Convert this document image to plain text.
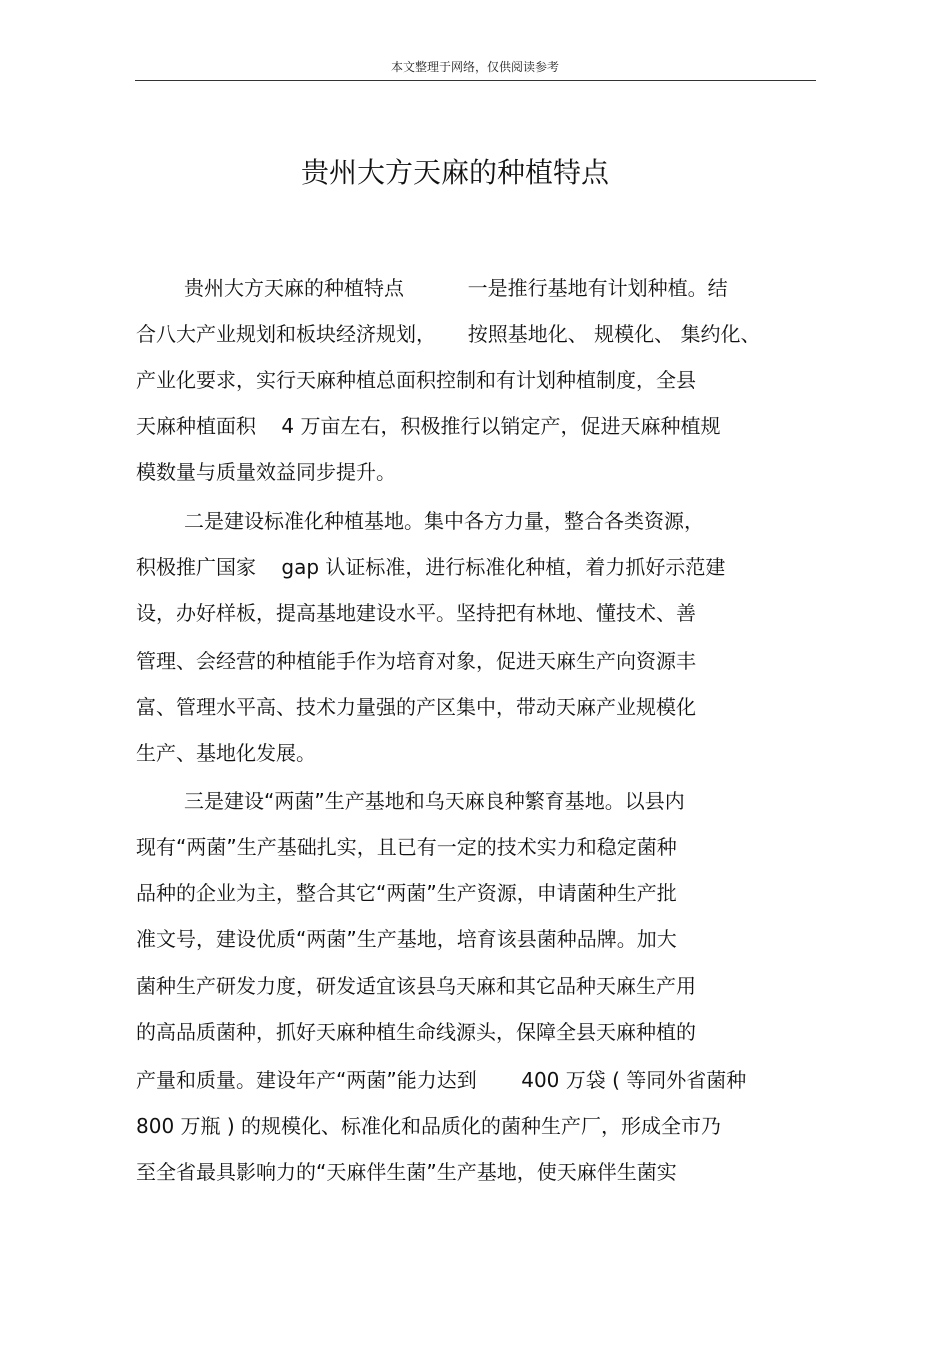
本文整理于网络，仅供阅读参考
贵州大方天麻的种植特点
贵州大方天麻的种植特点          一是推行基地有计划种植。结
合八大产业规划和板块经济规划，     按照基地化、 规模化、 集约化、
产业化要求，实行天麻种植总面积控制和有计划种植制度，全县
天麻种植面积    4 万亩左右，积极推行以销定产，促进天麻种植规
模数量与质量效益同步提升。
二是建设标准化种植基地。集中各方力量，整合各类资源，
积极推广国家    gap 认证标准，进行标准化种植，着力抓好示范建
设，办好样板，提高基地建设水平。坚持把有林地、懂技术、善
管理、会经营的种植能手作为培育对象，促进天麻生产向资源丰
富、管理水平高、技术力量强的产区集中，带动天麻产业规模化
生产、基地化发展。
三是建设“两菌”生产基地和乌天麻良种繁育基地。以县内
现有“两菌”生产基础扎实，且已有一定的技术实力和稳定菌种
品种的企业为主，整合其它“两菌”生产资源，申请菌种生产批
准文号，建设优质“两菌”生产基地，培育该县菌种品牌。加大
菌种生产研发力度，研发适宜该县乌天麻和其它品种天麻生产用
的高品质菌种，抓好天麻种植生命线源头，保障全县天麻种植的
产量和质量。建设年产“两菌”能力达到       400 万袋 ( 等同外省菌种
800 万瓶 ) 的规模化、标准化和品质化的菌种生产厂，形成全市乃
至全省最具影响力的“天麻伴生菌”生产基地，使天麻伴生菌实
